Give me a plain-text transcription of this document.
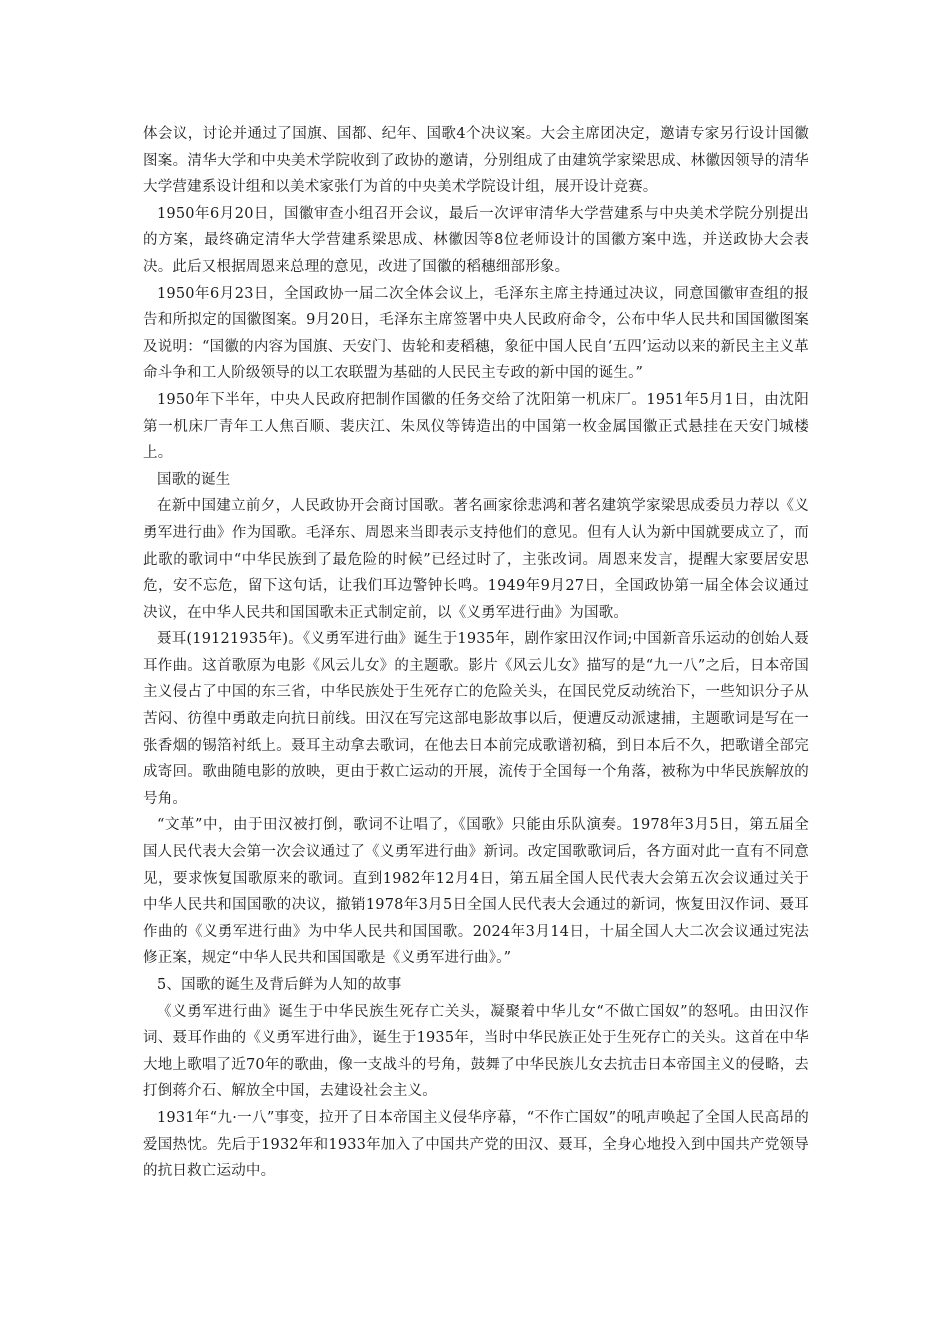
体会议，讨论并通过了国旗、国都、纪年、国歌4个决议案。大会主席团决定，邀请专家另行设计国徽图案。清华大学和中央美术学院收到了政协的邀请，分别组成了由建筑学家梁思成、林徽因领导的清华大学营建系设计组和以美术家张仃为首的中央美术学院设计组，展开设计竞赛。

1950年6月20日，国徽审查小组召开会议，最后一次评审清华大学营建系与中央美术学院分别提出的方案，最终确定清华大学营建系梁思成、林徽因等8位老师设计的国徽方案中选，并送政协大会表决。此后又根据周恩来总理的意见，改进了国徽的稻穗细部形象。

1950年6月23日，全国政协一届二次全体会议上，毛泽东主席主持通过决议，同意国徽审查组的报告和所拟定的国徽图案。9月20日，毛泽东主席签署中央人民政府命令，公布中华人民共和国国徽图案及说明：“国徽的内容为国旗、天安门、齿轮和麦稻穗，象征中国人民自‘五四’运动以来的新民主主义革命斗争和工人阶级领导的以工农联盟为基础的人民民主专政的新中国的诞生。”

1950年下半年，中央人民政府把制作国徽的任务交给了沈阳第一机床厂。1951年5月1日，由沈阳第一机床厂青年工人焦百顺、裴庆江、朱凤仪等铸造出的中国第一枚金属国徽正式悬挂在天安门城楼上。

国歌的诞生

在新中国建立前夕，人民政协开会商讨国歌。著名画家徐悲鸿和著名建筑学家梁思成委员力荐以《义勇军进行曲》作为国歌。毛泽东、周恩来当即表示支持他们的意见。但有人认为新中国就要成立了，而此歌的歌词中“中华民族到了最危险的时候”已经过时了，主张改词。周恩来发言，提醒大家要居安思危，安不忘危，留下这句话，让我们耳边警钟长鸣。1949年9月27日，全国政协第一届全体会议通过决议，在中华人民共和国国歌未正式制定前，以《义勇军进行曲》为国歌。

聂耳(19121935年)。《义勇军进行曲》诞生于1935年，剧作家田汉作词;中国新音乐运动的创始人聂耳作曲。这首歌原为电影《风云儿女》的主题歌。影片《风云儿女》描写的是“九一八”之后，日本帝国主义侵占了中国的东三省，中华民族处于生死存亡的危险关头，在国民党反动统治下，一些知识分子从苦闷、彷徨中勇敢走向抗日前线。田汉在写完这部电影故事以后，便遭反动派逮捕，主题歌词是写在一张香烟的锡箔衬纸上。聂耳主动拿去歌词，在他去日本前完成歌谱初稿，到日本后不久，把歌谱全部完成寄回。歌曲随电影的放映，更由于救亡运动的开展，流传于全国每一个角落，被称为中华民族解放的号角。

“文革”中，由于田汉被打倒，歌词不让唱了，《国歌》只能由乐队演奏。1978年3月5日，第五届全国人民代表大会第一次会议通过了《义勇军进行曲》新词。改定国歌歌词后，各方面对此一直有不同意见，要求恢复国歌原来的歌词。直到1982年12月4日，第五届全国人民代表大会第五次会议通过关于中华人民共和国国歌的决议，撤销1978年3月5日全国人民代表大会通过的新词，恢复田汉作词、聂耳作曲的《义勇军进行曲》为中华人民共和国国歌。2024年3月14日，十届全国人大二次会议通过宪法修正案，规定“中华人民共和国国歌是《义勇军进行曲》。”

5、国歌的诞生及背后鲜为人知的故事

《义勇军进行曲》诞生于中华民族生死存亡关头，凝聚着中华儿女“不做亡国奴”的怒吼。由田汉作词、聂耳作曲的《义勇军进行曲》，诞生于1935年，当时中华民族正处于生死存亡的关头。这首在中华大地上歌唱了近70年的歌曲，像一支战斗的号角，鼓舞了中华民族儿女去抗击日本帝国主义的侵略，去打倒蒋介石、解放全中国，去建设社会主义。

1931年“九·一八”事变，拉开了日本帝国主义侵华序幕，“不作亡国奴”的吼声唤起了全国人民高昂的爱国热忱。先后于1932年和1933年加入了中国共产党的田汉、聂耳，全身心地投入到中国共产党领导的抗日救亡运动中。
